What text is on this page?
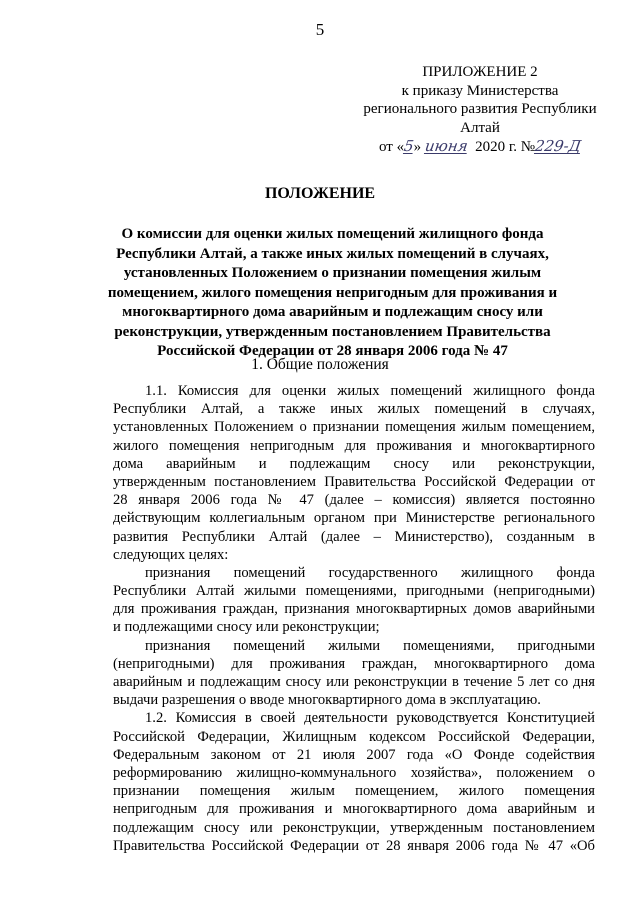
5
ПРИЛОЖЕНИЕ 2
к приказу Министерства
регионального развития Республики
Алтай
от «5» июня 2020 г. №229-Д
ПОЛОЖЕНИЕ
О комиссии для оценки жилых помещений жилищного фонда
Республики Алтай, а также иных жилых помещений в случаях,
установленных Положением о признании помещения жилым
помещением, жилого помещения непригодным для проживания и
многоквартирного дома аварийным и подлежащим сносу или
реконструкции, утвержденным постановлением Правительства
Российской Федерации от 28 января 2006 года № 47
1. Общие положения
1.1. Комиссия для оценки жилых помещений жилищного фонда
Республики Алтай, а также иных жилых помещений в случаях,
установленных Положением о признании помещения жилым помещением,
жилого помещения непригодным для проживания и многоквартирного
дома аварийным и подлежащим сносу или реконструкции,
утвержденным постановлением Правительства Российской Федерации от
28 января 2006 года № 47 (далее – комиссия) является постоянно
действующим коллегиальным органом при Министерстве регионального
развития Республики Алтай (далее – Министерство), созданным в
следующих целях:
признания помещений государственного жилищного фонда
Республики Алтай жилыми помещениями, пригодными (непригодными)
для проживания граждан, признания многоквартирных домов аварийными
и подлежащими сносу или реконструкции;
признания помещений жилыми помещениями, пригодными
(непригодными) для проживания граждан, многоквартирного дома
аварийным и подлежащим сносу или реконструкции в течение 5 лет со дня
выдачи разрешения о вводе многоквартирного дома в эксплуатацию.
1.2. Комиссия в своей деятельности руководствуется Конституцией
Российской Федерации, Жилищным кодексом Российской Федерации,
Федеральным законом от 21 июля 2007 года «О Фонде содействия
реформированию жилищно-коммунального хозяйства», положением о
признании помещения жилым помещением, жилого помещения
непригодным для проживания и многоквартирного дома аварийным и
подлежащим сносу или реконструкции, утвержденным постановлением
Правительства Российской Федерации от 28 января 2006 года № 47 «Об
